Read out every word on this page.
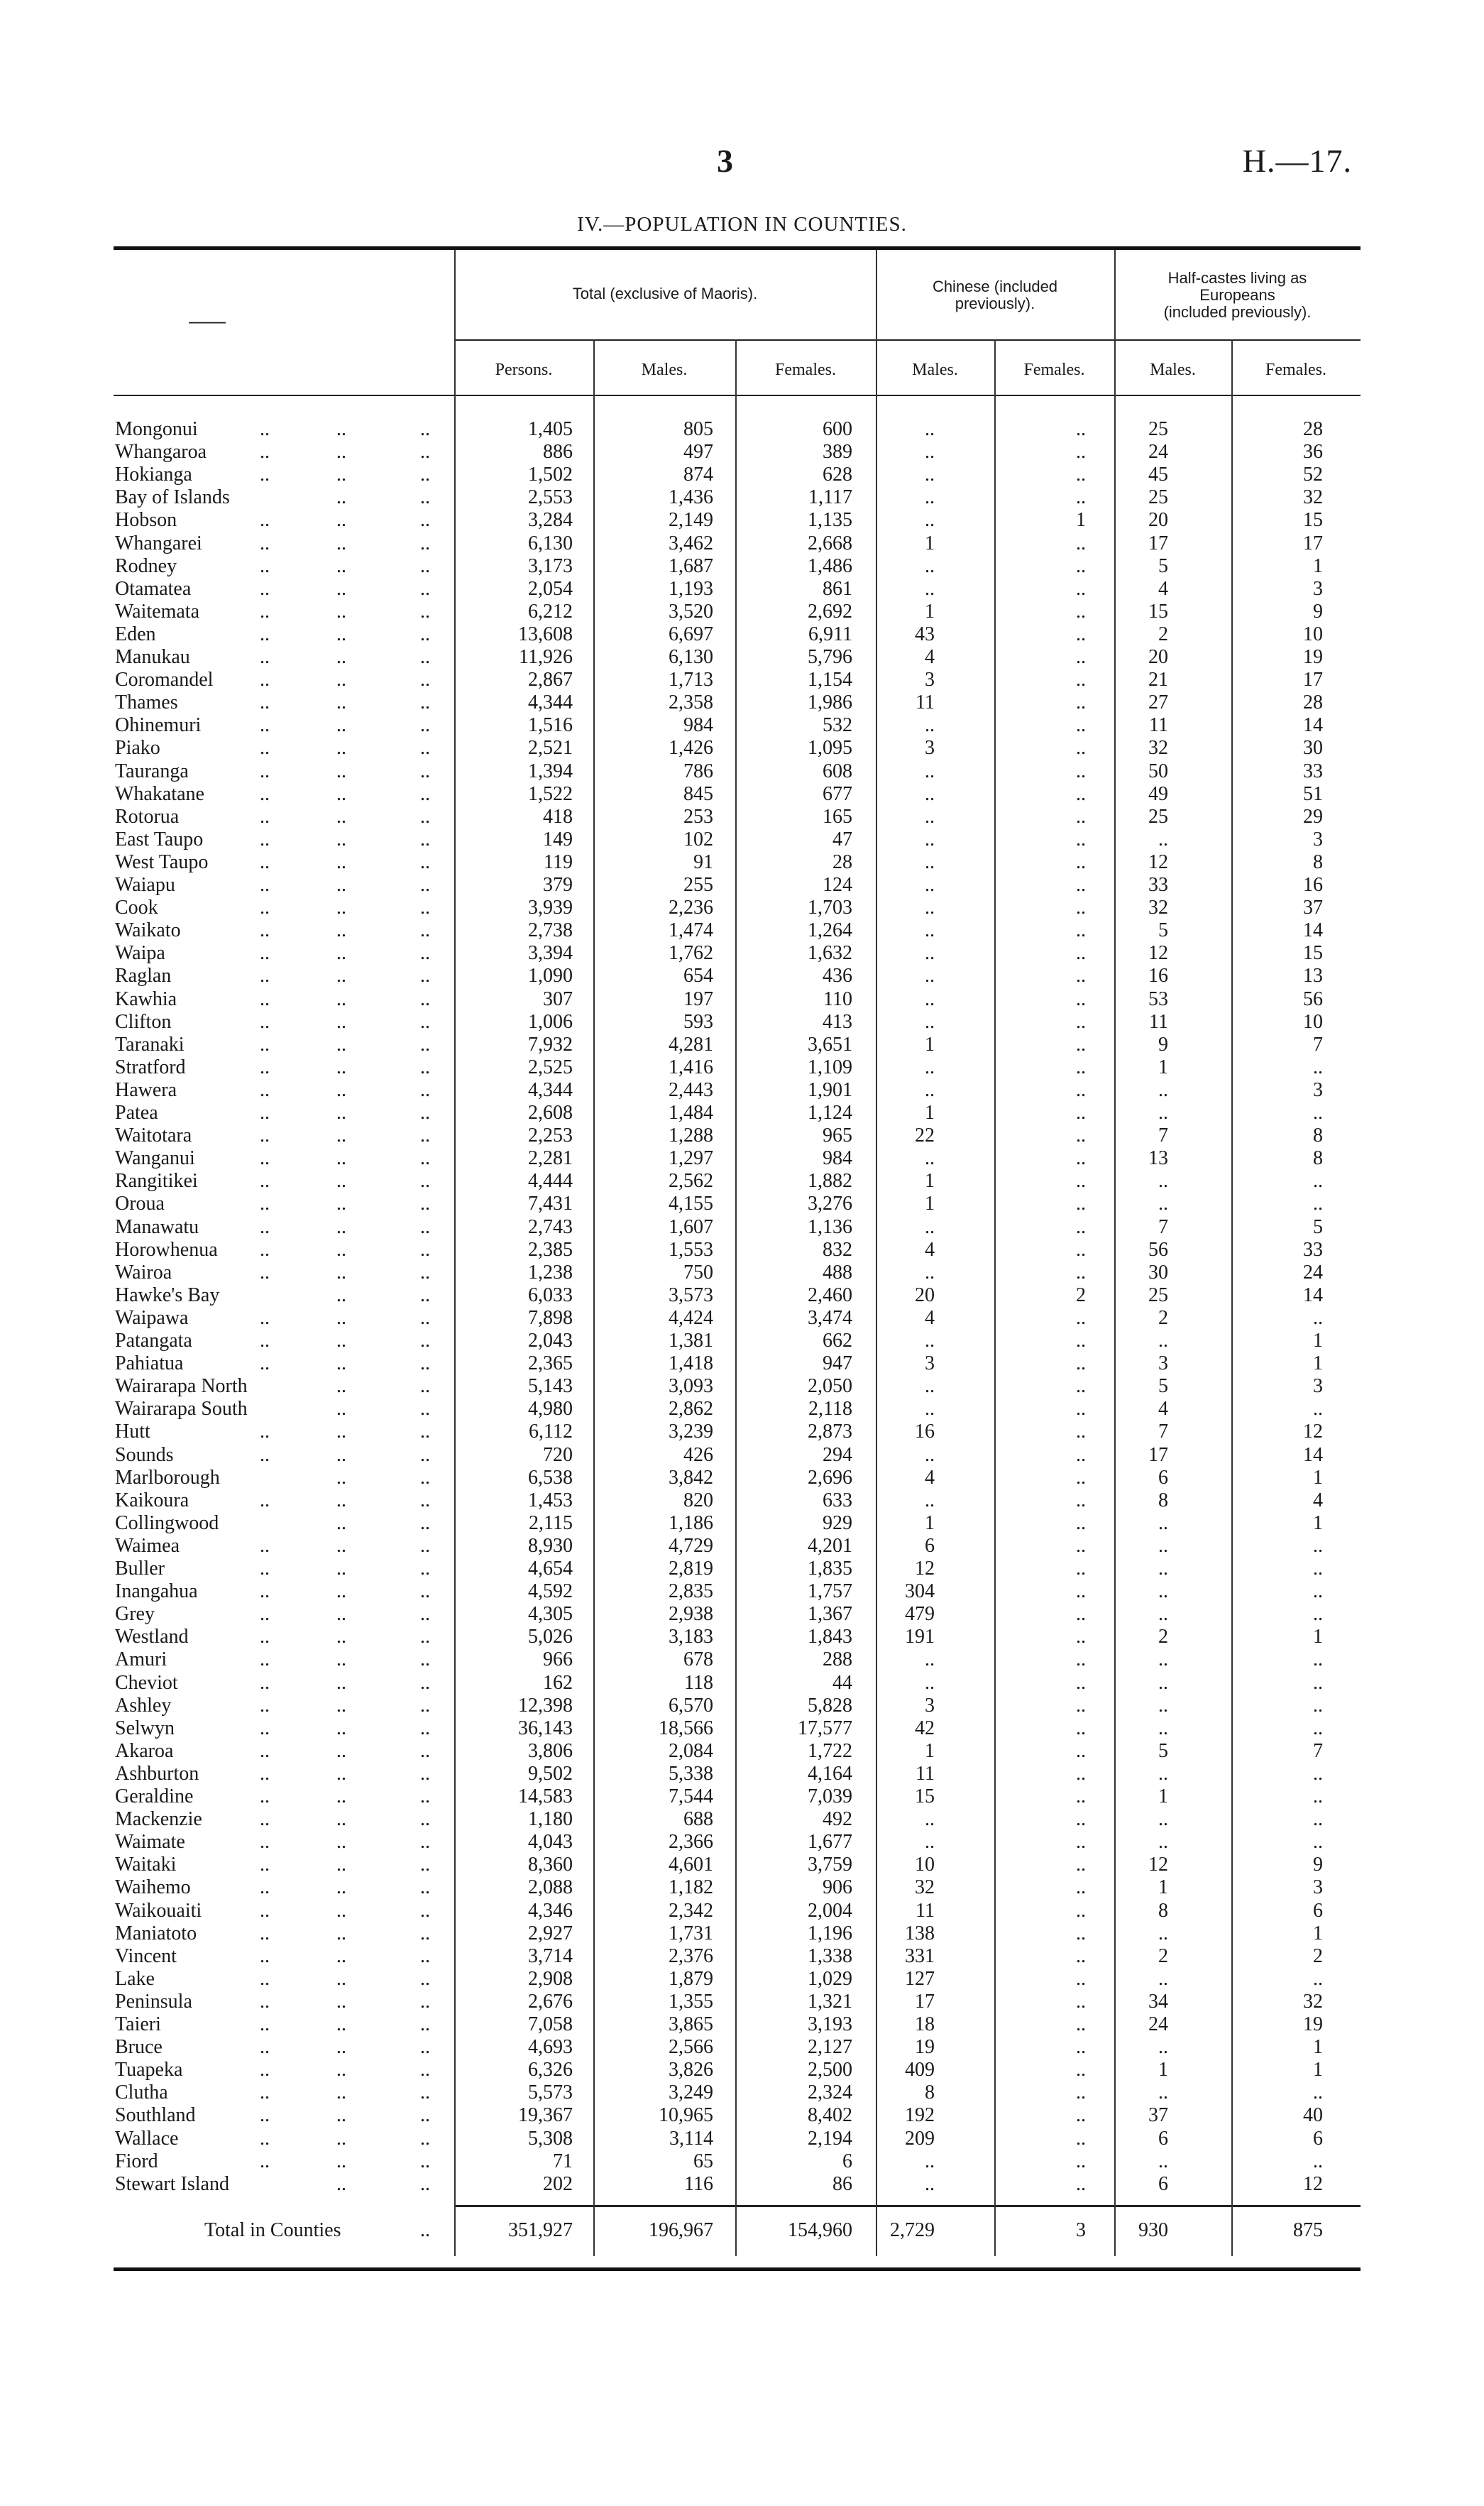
3	H.—17.
IV.—POPULATION IN COUNTIES.
——
Total (exclusive of Maoris).	Chinese (included
previously).
Half-castes living as
Europeans
(included previously).
Persons.	Males.	Females.	Males.	Females.	Males.	Females.
Mongonui	..	..	..	1,405	805	600	..	..	25	28
Whangaroa	..	..	..	886	497	389	..	..	24	36
Hokianga	..	..	..	1,502	874	628	..	..	45	52
Bay of Islands	..	..	2,553	1,436	1,117	..	..	25	32
Hobson	..	..	..	3,284	2,149	1,135	..	1	20	15
Whangarei	..	..	..	6,130	3,462	2,668	1	..	17	17
Rodney	..	..	..	3,173	1,687	1,486	..	..	5	1
Otamatea	..	..	..	2,054	1,193	861	..	..	4	3
Waitemata	..	..	..	6,212	3,520	2,692	1	..	15	9
Eden	..	..	..	13,608	6,697	6,911	43	..	2	10
Manukau	..	..	..	11,926	6,130	5,796	4	..	20	19
Coromandel ..	..	..	2,867	1,713	1,154	3	..	21	17
Thames	..	..	..	4,344	2,358	1,986	11	..	27	28
Ohinemuri	..	..	..	1,516	984	532	..	..	11	14
Piako	..	..	..	2,521	1,426	1,095	3	..	32	30
Tauranga	..	..	..	1,394	786	608	..	..	50	33
Whakatane	..	..	..	1,522	845	677	..	..	49	51
Rotorua	..	..	..	418	253	165	..	..	25	29
East Taupo	..	..	..	149	102	47	..	..	..	3
West Taupo	..	..	..	119	91	28	..	..	12	8
Waiapu	..	..	..	379	255	124	..	..	33	16
Cook	..	..	..	3,939	2,236	1,703	..	..	32	37
Waikato	..	..	..	2,738	1,474	1,264	..	..	5	14
Waipa	..	..	..	3,394	1,762	1,632	..	..	12	15
Raglan	..	..	..	1,090	654	436	..	..	16	13
Kawhia	..	..	..	307	197	110	..	..	53	56
Clifton	..	..	..	1,006	593	413	..	..	11	10
Taranaki	..	..	..	7,932	4,281	3,651	1	..	9	7
Stratford	..	..	..	2,525	1,416	1,109	..	..	1	..
Hawera	..	..	..	4,344	2,443	1,901	..	..	..	3
Patea	..	..	..	2,608	1,484	1,124	1	..	..	..
Waitotara	..	..	..	2,253	1,288	965	22	..	7	8
Wanganui	..	..	..	2,281	1,297	984	..	..	13	8
Rangitikei	..	..	..	4,444	2,562	1,882	1	..	..	..
Oroua	..	..	..	7,431	4,155	3,276	1	..	..	..
Manawatu	..	..	..	2,743	1,607	1,136	..	..	7	5
Horowhenua ..	..	..	2,385	1,553	832	4	..	56	33
Wairoa	..	..	..	1,238	750	488	..	..	30	24
Hawke's Bay	..	..	6,033	3,573	2,460	20	2	25	14
Waipawa	..	..	..	7,898	4,424	3,474	4	..	2	..
Patangata	..	..	..	2,043	1,381	662	..	..	..	1
Pahiatua	..	..	..	2,365	1,418	947	3	..	3	1
Wairarapa North	..	..	5,143	3,093	2,050	..	..	5	3
Wairarapa South	..	..	4,980	2,862	2,118	..	..	4	..
Hutt	..	..	..	6,112	3,239	2,873	16	..	7	12
Sounds	..	..	..	720	426	294	..	..	17	14
Marlborough	..	..	6,538	3,842	2,696	4	..	6	1
Kaikoura	..	..	..	1,453	820	633	..	..	8	4
Collingwood	..	..	2,115	1,186	929	1	..	..	1
Waimea	..	..	..	8,930	4,729	4,201	6	..	..	..
Buller	..	..	..	4,654	2,819	1,835	12	..	..	..
Inangahua	..	..	..	4,592	2,835	1,757	304	..	..	..
Grey	..	..	..	4,305	2,938	1,367	479	..	..	..
Westland	..	..	..	5,026	3,183	1,843	191	..	2	1
Amuri	..	..	..	966	678	288	..	..	..	..
Cheviot	..	..	..	162	118	44	..	..	..	..
Ashley	..	..	..	12,398	6,570	5,828	3	..	..	..
Selwyn	..	..	..	36,143	18,566	17,577	42	..	..	..
Akaroa	..	..	..	3,806	2,084	1,722	1	..	5	7
Ashburton	..	..	..	9,502	5,338	4,164	11	..	..	..
Geraldine	..	..	..	14,583	7,544	7,039	15	..	1	..
Mackenzie	..	..	..	1,180	688	492	..	..	..	..
Waimate	..	..	..	4,043	2,366	1,677	..	..	..	..
Waitaki	..	..	..	8,360	4,601	3,759	10	..	12	9
Waihemo	..	..	..	2,088	1,182	906	32	..	1	3
Waikouaiti	..	..	..	4,346	2,342	2,004	11	..	8	6
Maniatoto	..	..	..	2,927	1,731	1,196	138	..	..	1
Vincent	..	..	..	3,714	2,376	1,338	331	..	2	2
Lake	..	..	..	2,908	1,879	1,029	127	..	..	..
Peninsula	..	..	..	2,676	1,355	1,321	17	..	34	32
Taieri	..	..	..	7,058	3,865	3,193	18	..	24	19
Bruce	..	..	..	4,693	2,566	2,127	19	..	..	1
Tuapeka	..	..	..	6,326	3,826	2,500	409	..	1	1
Clutha	..	..	..	5,573	3,249	2,324	8	..	..	..
Southland	..	..	..	19,367	10,965	8,402	192	..	37	40
Wallace	..	..	..	5,308	3,114	2,194	209	..	6	6
Fiord	..	..	..	71	65	6	..	..	..	..
Stewart Island	..	..	202	116	86	..	..	6	12
Total in Counties	..	351,927	196,967	154,960 2,729	3	930	875
